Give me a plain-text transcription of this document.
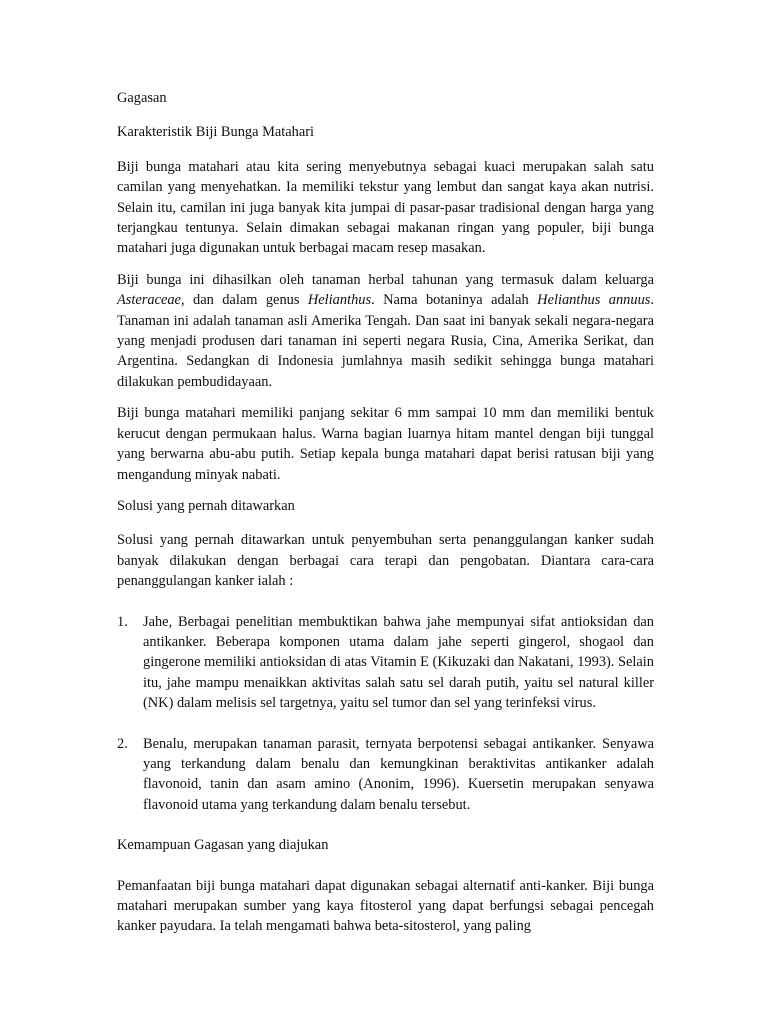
Gagasan

Karakteristik Biji Bunga Matahari

Biji bunga matahari atau kita sering menyebutnya sebagai kuaci merupakan salah satu camilan yang menyehatkan. Ia memiliki tekstur yang lembut dan sangat kaya akan nutrisi. Selain itu, camilan ini juga banyak kita jumpai di pasar-pasar tradisional dengan harga yang terjangkau tentunya. Selain dimakan sebagai makanan ringan yang populer, biji bunga matahari juga digunakan untuk berbagai macam resep masakan.

Biji bunga ini dihasilkan oleh tanaman herbal tahunan yang termasuk dalam keluarga Asteraceae, dan dalam genus Helianthus. Nama botaninya adalah Helianthus annuus. Tanaman ini adalah tanaman asli Amerika Tengah. Dan saat ini banyak sekali negara-negara yang menjadi produsen dari tanaman ini seperti negara Rusia, Cina, Amerika Serikat, dan Argentina. Sedangkan di Indonesia jumlahnya masih sedikit sehingga bunga matahari dilakukan pembudidayaan.

Biji bunga matahari memiliki panjang sekitar 6 mm sampai 10 mm dan memiliki bentuk kerucut dengan permukaan halus. Warna bagian luarnya hitam mantel dengan biji tunggal yang berwarna abu-abu putih. Setiap kepala bunga matahari dapat berisi ratusan biji yang mengandung minyak nabati.

Solusi yang pernah ditawarkan

Solusi yang pernah ditawarkan untuk penyembuhan serta penanggulangan kanker sudah banyak dilakukan dengan berbagai cara terapi dan pengobatan. Diantara cara-cara penanggulangan kanker ialah :

1. Jahe, Berbagai penelitian membuktikan bahwa jahe mempunyai sifat antioksidan dan antikanker. Beberapa komponen utama dalam jahe seperti gingerol, shogaol dan gingerone memiliki antioksidan di atas Vitamin E (Kikuzaki dan Nakatani, 1993). Selain itu, jahe mampu menaikkan aktivitas salah satu sel darah putih, yaitu sel natural killer (NK) dalam melisis sel targetnya, yaitu sel tumor dan sel yang terinfeksi virus.

2. Benalu, merupakan tanaman parasit, ternyata berpotensi sebagai antikanker. Senyawa yang terkandung dalam benalu dan kemungkinan beraktivitas antikanker adalah flavonoid, tanin dan asam amino (Anonim, 1996). Kuersetin merupakan senyawa flavonoid utama yang terkandung dalam benalu tersebut.

Kemampuan Gagasan yang diajukan

Pemanfaatan biji bunga matahari dapat digunakan sebagai alternatif anti-kanker. Biji bunga matahari merupakan sumber yang kaya fitosterol yang dapat berfungsi sebagai pencegah kanker payudara. Ia telah mengamati bahwa beta-sitosterol, yang paling
